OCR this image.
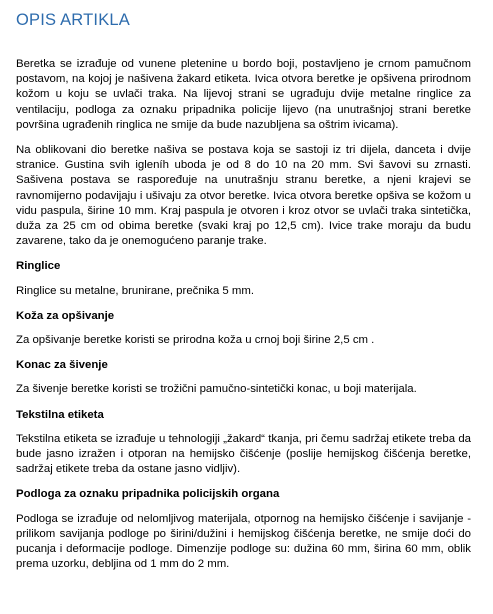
OPIS ARTIKLA

Beretka se izrađuje od vunene pletenine u bordo boji, postavljeno je crnom pamučnom postavom, na kojoj je našivena žakard etiketa. Ivica otvora beretke je opšivena prirodnom kožom u koju se uvlači traka. Na lijevoj strani se ugrađuju dvije metalne ringlice za ventilaciju, podloga za oznaku pripadnika policije lijevo (na unutrašnjoj strani beretke površina ugrađenih ringlica ne smije da bude nazubljena sa oštrim ivicama).

Na oblikovani dio beretke našiva se postava koja se sastoji iz tri dijela, danceta i dvije stranice. Gustina svih igleníh uboda je od 8 do 10 na 20 mm. Svi šavovi su zrnasti. Sašivena postava se raspoređuje na unutrašnju stranu beretke, a njeni krajevi se ravnomijerno podavijaju i ušivaju za otvor beretke. Ivica otvora beretke opšiva se kožom u vidu paspula, širine 10 mm. Kraj paspula je otvoren i kroz otvor se uvlači traka sintetička, duža za 25 cm od obima beretke (svaki kraj po 12,5 cm). Ivice trake moraju da budu zavarene, tako da je onemogućeno paranje trake.

Ringlice

Ringlice su metalne, brunirane, prečnika 5 mm.

Koža za opšivanje

Za opšivanje beretke koristi se prirodna koža u crnoj boji širine 2,5 cm .

Konac za šivenje

Za šivenje beretke koristi se trožični pamučno-sintetički konac, u boji materijala.

Tekstilna etiketa

Tekstilna etiketa se izrađuje u tehnologiji „žakard“ tkanja, pri čemu sadržaj etikete treba da bude jasno izražen i otporan na hemijsko čišćenje (poslije hemijskog čišćenja beretke, sadržaj etikete treba da ostane jasno vidljiv).

Podloga za oznaku pripadnika policijskih organa

Podloga se izrađuje od nelomljivog materijala, otpornog na hemijsko čišćenje i savijanje - prilikom savijanja podloge po širini/dužini i hemijskog čišćenja beretke, ne smije doći do pucanja i deformacije podloge. Dimenzije podloge su: dužina 60 mm, širina 60 mm, oblik prema uzorku, debljina od 1 mm do 2 mm.
